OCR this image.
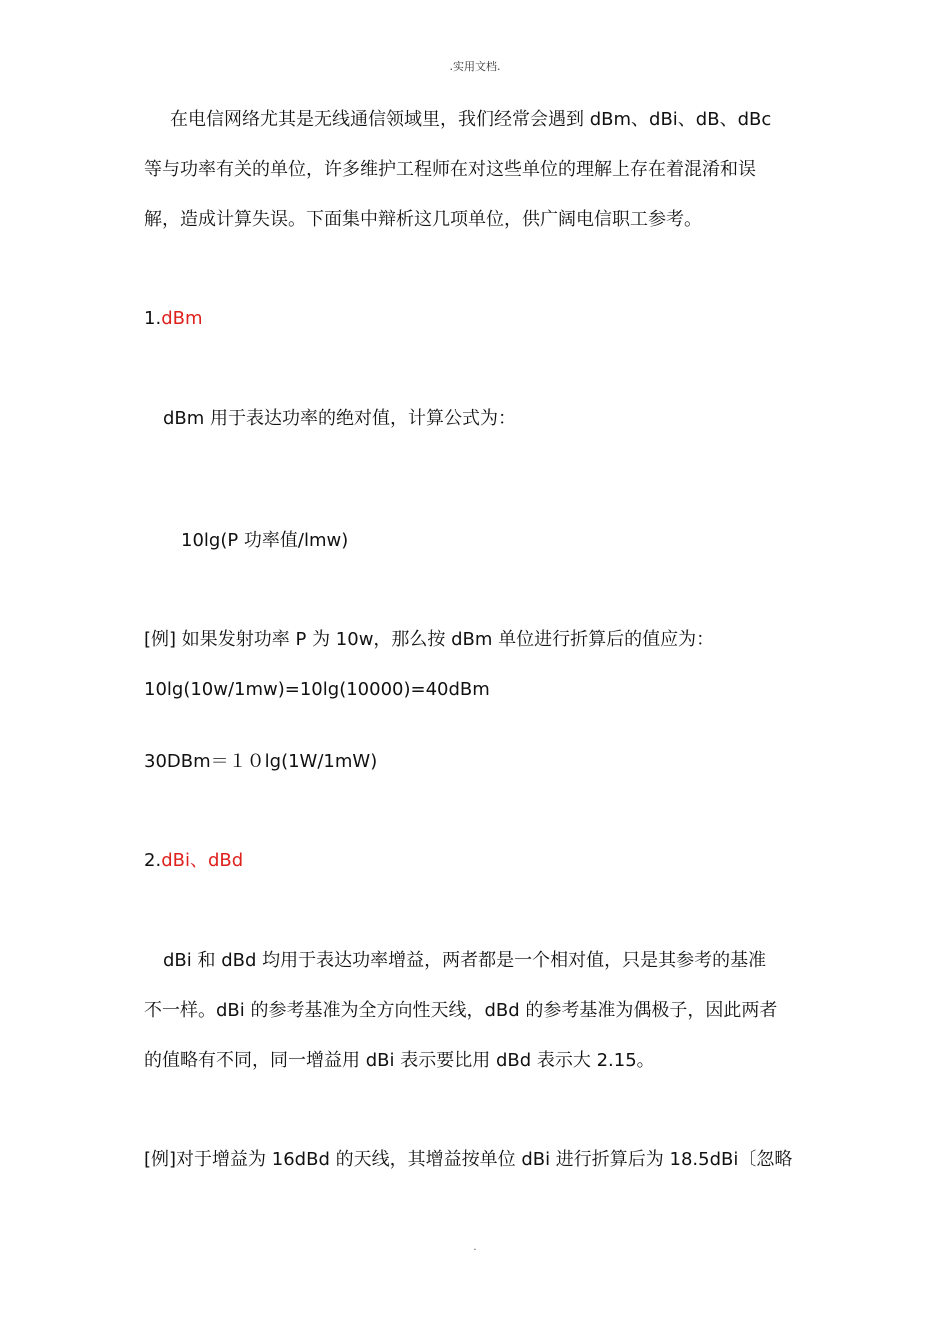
.实用文档.
在电信网络尤其是无线通信领域里，我们经常会遇到 dBm、dBi、dB、dBc
等与功率有关的单位，许多维护工程师在对这些单位的理解上存在着混淆和误
解，造成计算失误。下面集中辩析这几项单位，供广阔电信职工参考。
1.dBm
dBm 用于表达功率的绝对值，计算公式为：
10lg(P 功率值/lmw)
[例] 如果发射功率 P 为 10w，那么按 dBm 单位进行折算后的值应为：
10lg(10w/1mw)=10lg(10000)=40dBm
30DBm＝１０lg(1W/1mW)
2.dBi、dBd
dBi 和 dBd 均用于表达功率增益，两者都是一个相对值，只是其参考的基准
不一样。dBi 的参考基准为全方向性天线，dBd 的参考基准为偶极子，因此两者
的值略有不同，同一增益用 dBi 表示要比用 dBd 表示大 2.15。
[例]对于增益为 16dBd 的天线，其增益按单位 dBi 进行折算后为 18.5dBi〔忽略
.
